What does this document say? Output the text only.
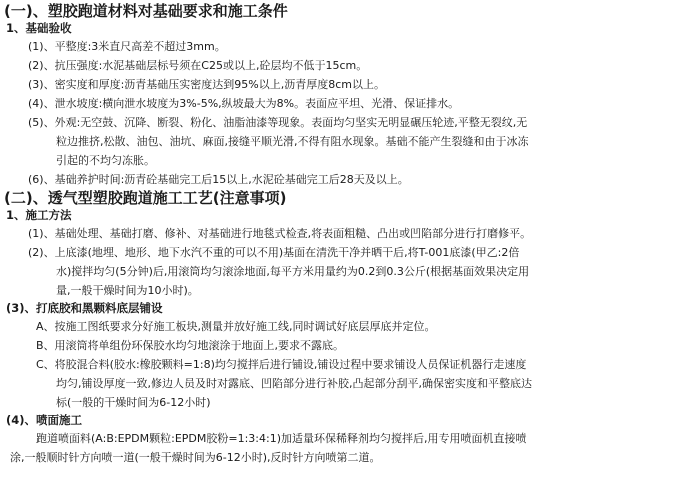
(一)、塑胶跑道材料对基础要求和施工条件
1、基础验收
(1)、平整度:3米直尺高差不超过3mm。
(2)、抗压强度:水泥基础层标号须在C25或以上,砼层均不低于15cm。
(3)、密实度和厚度:沥青基础压实密度达到95%以上,沥青厚度8cm以上。
(4)、泄水坡度:横向泄水坡度为3%-5%,纵坡最大为8%。表面应平坦、光滑、保证排水。
(5)、外观:无空鼓、沉降、断裂、粉化、油脂油漆等现象。表面均匀坚实无明显碾压轮迹,平整无裂纹,无
粒边推挤,松散、油包、油坑、麻面,接缝平顺光滑,不得有阻水现象。基础不能产生裂缝和由于冰冻
引起的不均匀冻胀。
(6)、基础养护时间:沥青砼基础完工后15以上,水泥砼基础完工后28天及以上。
(二)、透气型塑胶跑道施工工艺(注意事项)
1、施工方法
(1)、基础处理、基础打磨、修补、对基础进行地毯式检查,将表面粗糙、凸出或凹陷部分进行打磨修平。
(2)、上底漆(地埋、地形、地下水汽不重的可以不用)基面在清洗干净并晒干后,将T-001底漆(甲乙:2倍
水)搅拌均匀(5分钟)后,用滚筒均匀滚涂地面,每平方米用量约为0.2到0.3公斤(根据基面效果决定用
量,一般干燥时间为10小时)。
(3)、打底胶和黑颗料底层铺设
A、按施工图纸要求分好施工板块,测量并放好施工线,同时调试好底层厚底并定位。
B、用滚筒将单组份环保胶水均匀地滚涂于地面上,要求不露底。
C、将胶混合料(胶水:橡胶颗料=1:8)均匀搅拌后进行铺设,铺设过程中要求铺设人员保证机器行走速度
均匀,铺设厚度一致,修边人员及时对露底、凹陷部分进行补胶,凸起部分刮平,确保密实度和平整底达
标(一般的干燥时间为6-12小时)
(4)、喷面施工
跑道喷面料(A:B:EPDM颗粒:EPDM胶粉=1:3:4:1)加适量环保稀释剂均匀搅拌后,用专用喷面机直接喷
涂,一般顺时针方向喷一道(一般干燥时间为6-12小时),反时针方向喷第二道。
